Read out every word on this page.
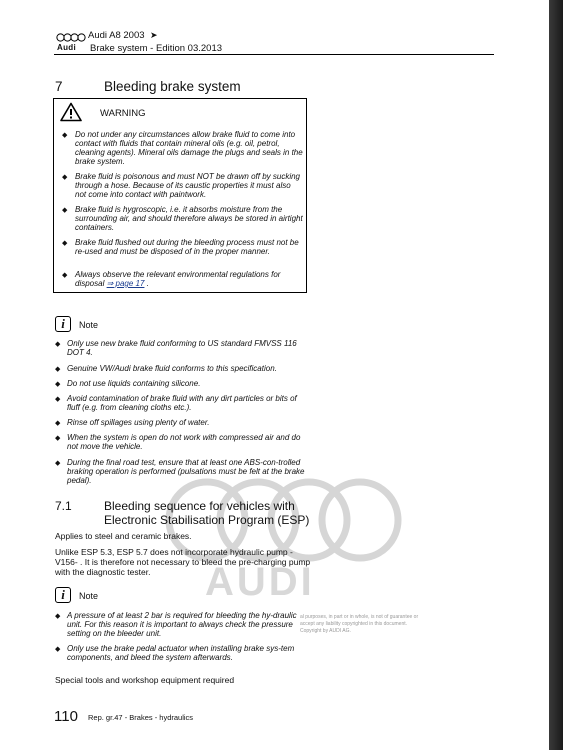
Audi A8 2003 ➤
Audi Brake system - Edition 03.2013
7	Bleeding brake system
WARNING
◆ Do not under any circumstances allow brake fluid to come into contact with fluids that contain mineral oils (e.g. oil, petrol, cleaning agents). Mineral oils damage the plugs and seals in the brake system.
◆ Brake fluid is poisonous and must NOT be drawn off by sucking through a hose. Because of its caustic properties it must also not come into contact with paintwork.
◆ Brake fluid is hygroscopic, i.e. it absorbs moisture from the surrounding air, and should therefore always be stored in airtight containers.
◆ Brake fluid flushed out during the bleeding process must not be re-used and must be disposed of in the proper manner.
◆ Always observe the relevant environmental regulations for disposal ⇒ page 17 .
i	Note
◆ Only use new brake fluid conforming to US standard FMVSS 116 DOT 4.
◆ Genuine VW/Audi brake fluid conforms to this specification.
◆ Do not use liquids containing silicone.
◆ Avoid contamination of brake fluid with any dirt particles or bits of fluff (e.g. from cleaning cloths etc.).
◆ Rinse off spillages using plenty of water.
◆ When the system is open do not work with compressed air and do not move the vehicle.
◆ During the final road test, ensure that at least one ABS-con-trolled braking operation is performed (pulsations must be felt at the brake pedal).
AUDI
al purposes, in part or in whole, is not of guarantee or accept any liability copyrighted in this document. Copyright by AUDI AG.
7.1	Bleeding sequence for vehicles with Electronic Stabilisation Program (ESP)
Applies to steel and ceramic brakes.
Unlike ESP 5.3, ESP 5.7 does not incorporate hydraulic pump - V156- . It is therefore not necessary to bleed the pre-charging pump with the diagnostic tester.
i	Note
◆ A pressure of at least 2 bar is required for bleeding the hy-draulic unit. For this reason it is important to always check the pressure setting on the bleeder unit.
◆ Only use the brake pedal actuator when installing brake sys-tem components, and bleed the system afterwards.
Special tools and workshop equipment required
110 Rep. gr.47 - Brakes - hydraulics
